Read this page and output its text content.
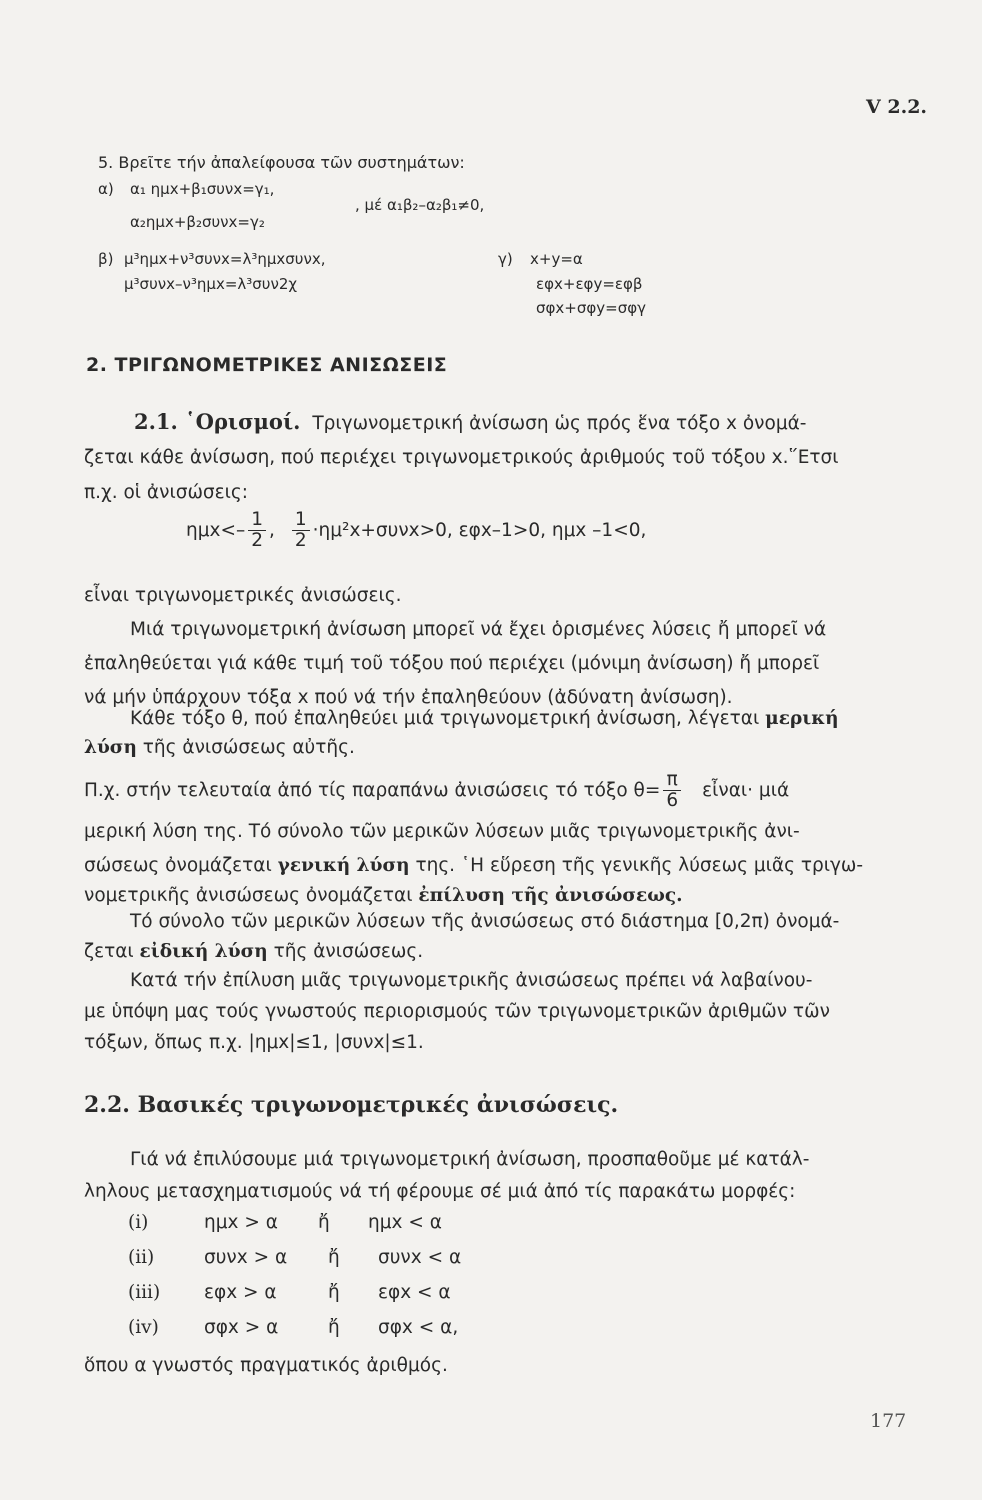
V 2.2.
5. Βρεῖτε τήν ἀπαλείφουσα τῶν συστημάτων:
α) α₁ ημx+β₁συνx=γ₁,
α₂ημx+β₂συνx=γ₂
, μέ α₁β₂–α₂β₁≠0,
β) μ³ημx+ν³συνx=λ³ημxσυνx,
μ³συνx–ν³ημx=λ³συν2χ
γ) x+y=α
εφx+εφy=εφβ
σφx+σφy=σφγ
2. ΤΡΙΓΩΝΟΜΕΤΡΙΚΕΣ ΑΝΙΣΩΣΕΙΣ
2.1. ῾Ορισμοί. Τριγωνομετρική ἀνίσωση ὡς πρός ἕνα τόξο x ὀνομά-
ζεται κάθε ἀνίσωση, πού περιέχει τριγωνομετρικούς ἀριθμούς τοῦ τόξου x.῞Ετσι
π.χ. οἱ ἀνισώσεις:
$\eta\mu x<- \frac{1}{2}$ , $\frac{1}{2} \cdot\eta\mu^2x+\sigma\upsilon\nu x>0$, εφx–1>0, ημx –1<0,
εἶναι τριγωνομετρικές ἀνισώσεις.
Μιά τριγωνομετρική ἀνίσωση μπορεῖ νά ἔχει ὁρισμένες λύσεις ἤ μπορεῖ νά
ἐπαληθεύεται γιά κάθε τιμή τοῦ τόξου πού περιέχει (μόνιμη ἀνίσωση) ἤ μπορεῖ
νά μήν ὑπάρχουν τόξα x πού νά τήν ἐπαληθεύουν (ἀδύνατη ἀνίσωση).
Κάθε τόξο θ, πού ἐπαληθεύει μιά τριγωνομετρική ἀνίσωση, λέγεται μερική
λύση τῆς ἀνισώσεως αὐτῆς.
Π.χ. στήν τελευταία ἀπό τίς παραπάνω ἀνισώσεις τό τόξο $\theta= \frac{\pi}{6}$ εἶναι· μιά
μερική λύση της. Τό σύνολο τῶν μερικῶν λύσεων μιᾶς τριγωνομετρικῆς ἀνι-
σώσεως ὀνομάζεται γενική λύση της. ῾Η εὕρεση τῆς γενικῆς λύσεως μιᾶς τριγω-
νομετρικῆς ἀνισώσεως ὀνομάζεται ἐπίλυση τῆς ἀνισώσεως.
Τό σύνολο τῶν μερικῶν λύσεων τῆς ἀνισώσεως στό διάστημα [0,2π) ὀνομά-
ζεται εἰδική λύση τῆς ἀνισώσεως.
Κατά τήν ἐπίλυση μιᾶς τριγωνομετρικῆς ἀνισώσεως πρέπει νά λαβαίνου-
με ὑπόψη μας τούς γνωστούς περιορισμούς τῶν τριγωνομετρικῶν ἀριθμῶν τῶν
τόξων, ὅπως π.χ. |ημx|≤1, |συνx|≤1.
2.2. Βασικές τριγωνομετρικές ἀνισώσεις.
Γιά νά ἐπιλύσουμε μιά τριγωνομετρική ἀνίσωση, προσπαθοῦμε μέ κατάλ-
ληλους μετασχηματισμούς νά τή φέρουμε σέ μιά ἀπό τίς παρακάτω μορφές:
(i)	ημx > α	ἤ	ημx < α
(ii)	συνx > α	ἤ	συνx < α
(iii)	εφx > α	ἤ	εφx < α
(iv)	σφx > α	ἤ	σφx < α,
ὅπου α γνωστός πραγματικός ἀριθμός.
177
